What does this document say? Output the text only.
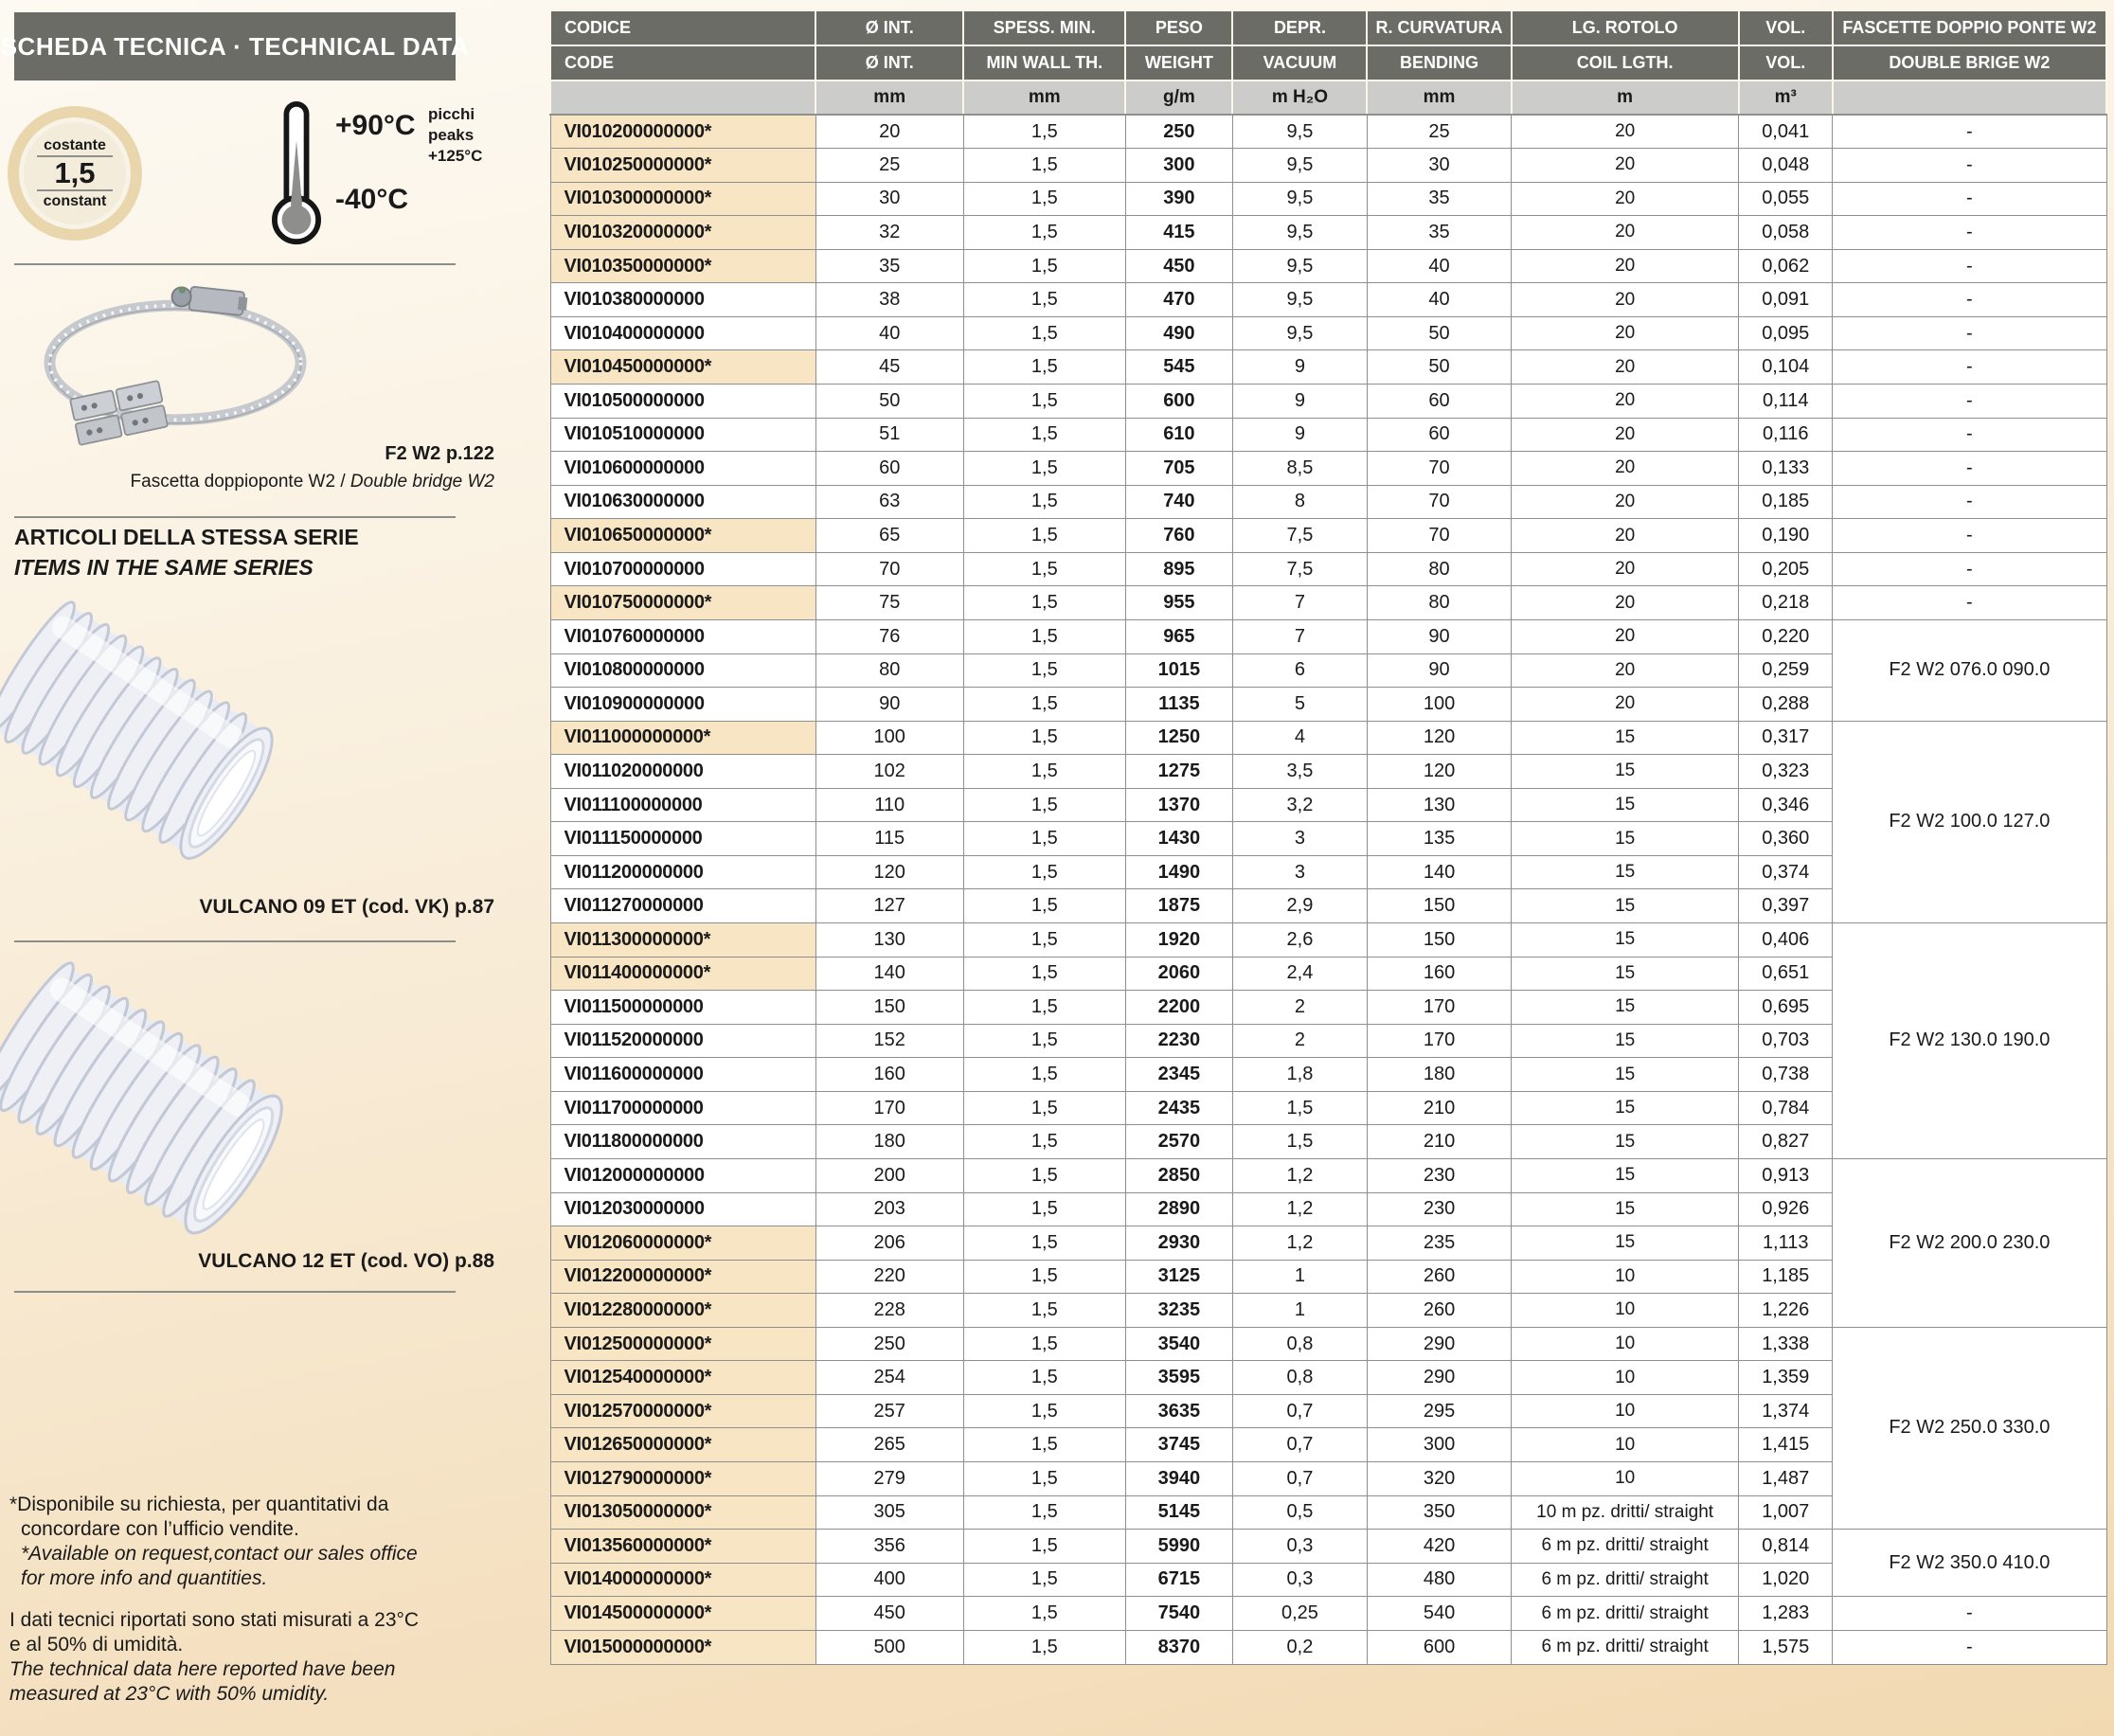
SCHEDA TECNICA · TECHNICAL DATA
costante
1,5
constant
+90°C
-40°C
picchi
peaks
+125°C
F2 W2 p.122
Fascetta doppioponte W2 / Double bridge W2
ARTICOLI DELLA STESSA SERIE
ITEMS IN THE SAME SERIES
VULCANO 09 ET (cod. VK) p.87
VULCANO 12 ET (cod. VO) p.88
*Disponibile su richiesta, per quantitativi da
concordare con l’ufficio vendite.
*Available on request,contact our sales office
for more info and quantities.
I dati tecnici riportati sono stati misurati a 23°C
e al 50% di umidità.
The technical data here reported have been
measured at 23°C with 50% umidity.
CODICE	Ø INT.	SPESS. MIN.	PESO	DEPR.	R. CURVATURA	LG. ROTOLO	VOL.	FASCETTE DOPPIO PONTE W2
CODE	Ø INT.	MIN WALL TH.	WEIGHT	VACUUM	BENDING	COIL LGTH.	VOL.	DOUBLE BRIGE W2
	mm	mm	g/m	m H₂O	mm	m	m³	
VI010200000000*	20	1,5	250	9,5	25	20	0,041	-
VI010250000000*	25	1,5	300	9,5	30	20	0,048	-
VI010300000000*	30	1,5	390	9,5	35	20	0,055	-
VI010320000000*	32	1,5	415	9,5	35	20	0,058	-
VI010350000000*	35	1,5	450	9,5	40	20	0,062	-
VI010380000000	38	1,5	470	9,5	40	20	0,091	-
VI010400000000	40	1,5	490	9,5	50	20	0,095	-
VI010450000000*	45	1,5	545	9	50	20	0,104	-
VI010500000000	50	1,5	600	9	60	20	0,114	-
VI010510000000	51	1,5	610	9	60	20	0,116	-
VI010600000000	60	1,5	705	8,5	70	20	0,133	-
VI010630000000	63	1,5	740	8	70	20	0,185	-
VI010650000000*	65	1,5	760	7,5	70	20	0,190	-
VI010700000000	70	1,5	895	7,5	80	20	0,205	-
VI010750000000*	75	1,5	955	7	80	20	0,218	-
VI010760000000	76	1,5	965	7	90	20	0,220	F2 W2 076.0 090.0
VI010800000000	80	1,5	1015	6	90	20	0,259	
VI010900000000	90	1,5	1135	5	100	20	0,288	
VI011000000000*	100	1,5	1250	4	120	15	0,317	F2 W2 100.0 127.0
VI011020000000	102	1,5	1275	3,5	120	15	0,323	
VI011100000000	110	1,5	1370	3,2	130	15	0,346	
VI011150000000	115	1,5	1430	3	135	15	0,360	
VI011200000000	120	1,5	1490	3	140	15	0,374	
VI011270000000	127	1,5	1875	2,9	150	15	0,397	
VI011300000000*	130	1,5	1920	2,6	150	15	0,406	F2 W2 130.0 190.0
VI011400000000*	140	1,5	2060	2,4	160	15	0,651	
VI011500000000	150	1,5	2200	2	170	15	0,695	
VI011520000000	152	1,5	2230	2	170	15	0,703	
VI011600000000	160	1,5	2345	1,8	180	15	0,738	
VI011700000000	170	1,5	2435	1,5	210	15	0,784	
VI011800000000	180	1,5	2570	1,5	210	15	0,827	
VI012000000000	200	1,5	2850	1,2	230	15	0,913	F2 W2 200.0 230.0
VI012030000000	203	1,5	2890	1,2	230	15	0,926	
VI012060000000*	206	1,5	2930	1,2	235	15	1,113	
VI012200000000*	220	1,5	3125	1	260	10	1,185	
VI012280000000*	228	1,5	3235	1	260	10	1,226	
VI012500000000*	250	1,5	3540	0,8	290	10	1,338	F2 W2 250.0 330.0
VI012540000000*	254	1,5	3595	0,8	290	10	1,359	
VI012570000000*	257	1,5	3635	0,7	295	10	1,374	
VI012650000000*	265	1,5	3745	0,7	300	10	1,415	
VI012790000000*	279	1,5	3940	0,7	320	10	1,487	
VI013050000000*	305	1,5	5145	0,5	350	10 m pz. dritti/ straight	1,007	
VI013560000000*	356	1,5	5990	0,3	420	6 m pz. dritti/ straight	0,814	F2 W2 350.0 410.0
VI014000000000*	400	1,5	6715	0,3	480	6 m pz. dritti/ straight	1,020	
VI014500000000*	450	1,5	7540	0,25	540	6 m pz. dritti/ straight	1,283	-
VI015000000000*	500	1,5	8370	0,2	600	6 m pz. dritti/ straight	1,575	-
